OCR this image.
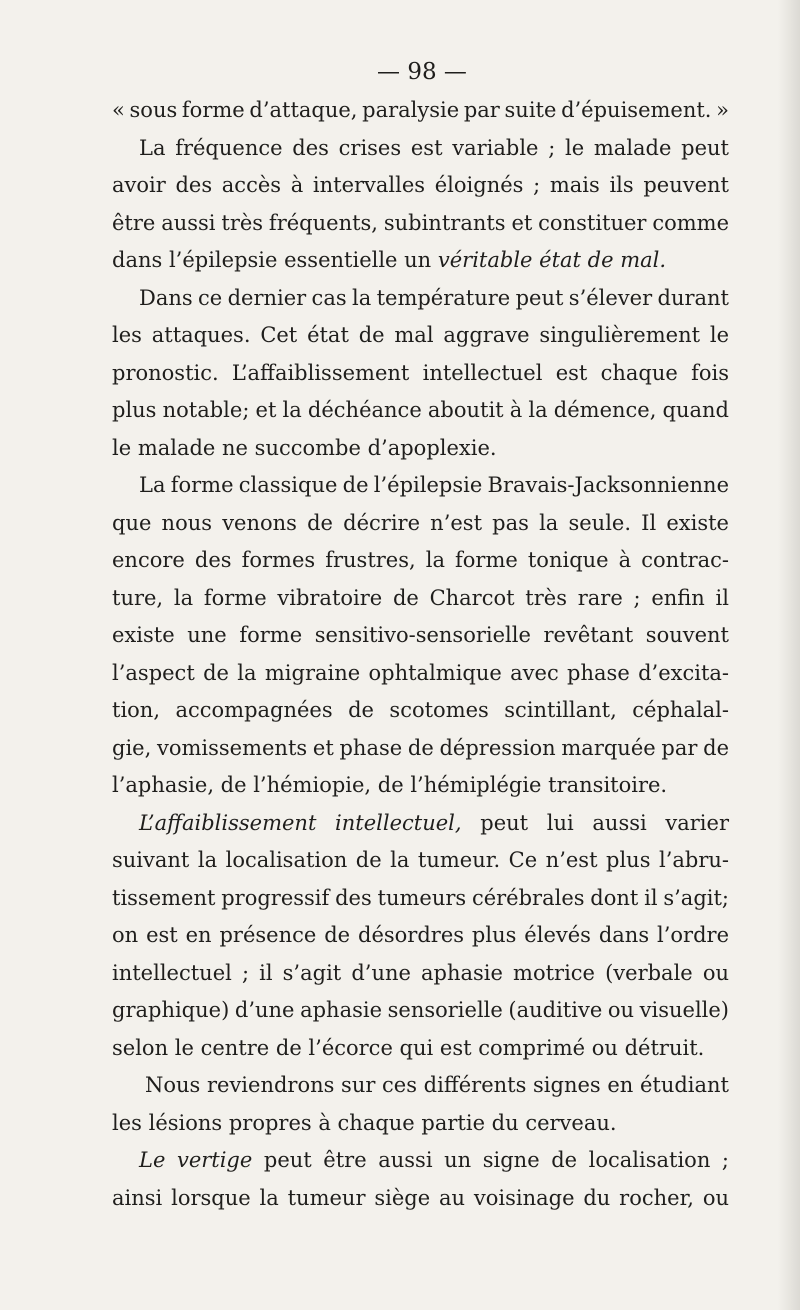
— 98 —
« sous forme d’attaque, paralysie par suite d’épuisement. »
La fréquence des crises est variable ; le malade peut
avoir des accès à intervalles éloignés ; mais ils peuvent
être aussi très fréquents, subintrants et constituer comme
dans l’épilepsie essentielle un véritable état de mal.
Dans ce dernier cas la température peut s’élever durant
les attaques. Cet état de mal aggrave singulièrement le
pronostic. L’affaiblissement intellectuel est chaque fois
plus notable; et la déchéance aboutit à la démence, quand
le malade ne succombe d’apoplexie.
La forme classique de l’épilepsie Bravais-Jacksonnienne
que nous venons de décrire n’est pas la seule. Il existe
encore des formes frustres, la forme tonique à contrac-
ture, la forme vibratoire de Charcot très rare ; enfin il
existe une forme sensitivo-sensorielle revêtant souvent
l’aspect de la migraine ophtalmique avec phase d’excita-
tion, accompagnées de scotomes scintillant, céphalal-
gie, vomissements et phase de dépression marquée par de
l’aphasie, de l’hémiopie, de l’hémiplégie transitoire.
L’affaiblissement intellectuel, peut lui aussi varier
suivant la localisation de la tumeur. Ce n’est plus l’abru-
tissement progressif des tumeurs cérébrales dont il s’agit;
on est en présence de désordres plus élevés dans l’ordre
intellectuel ; il s’agit d’une aphasie motrice (verbale ou
graphique) d’une aphasie sensorielle (auditive ou visuelle)
selon le centre de l’écorce qui est comprimé ou détruit.
Nous reviendrons sur ces différents signes en étudiant
les lésions propres à chaque partie du cerveau.
Le vertige peut être aussi un signe de localisation ;
ainsi lorsque la tumeur siège au voisinage du rocher, ou
